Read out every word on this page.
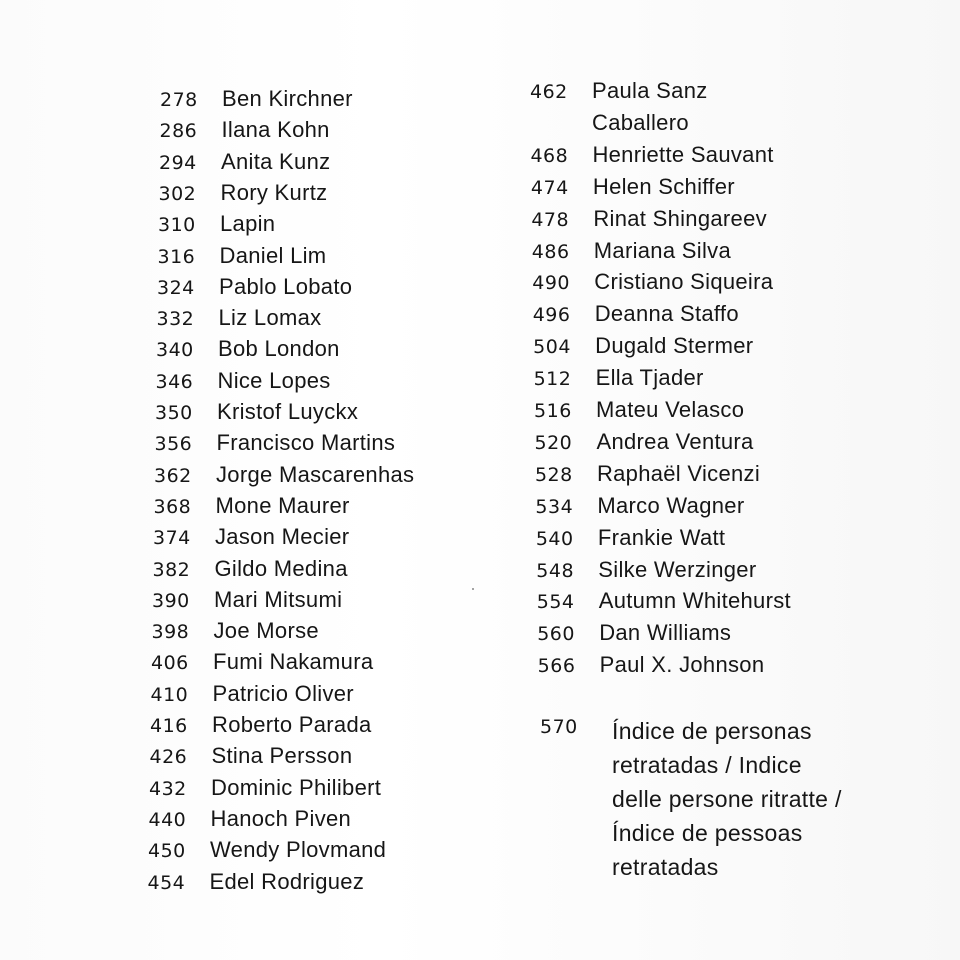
278	Ben Kirchner
286	Ilana Kohn
294	Anita Kunz
302	Rory Kurtz
310	Lapin
316	Daniel Lim
324	Pablo Lobato
332	Liz Lomax
340	Bob London
346	Nice Lopes
350	Kristof Luyckx
356	Francisco Martins
362	Jorge Mascarenhas
368	Mone Maurer
374	Jason Mecier
382	Gildo Medina
390	Mari Mitsumi
398	Joe Morse
406	Fumi Nakamura
410	Patricio Oliver
416	Roberto Parada
426	Stina Persson
432	Dominic Philibert
440	Hanoch Piven
450	Wendy Plovmand
454	Edel Rodriguez
462	Paula Sanz
Caballero
468	Henriette Sauvant
474	Helen Schiffer
478	Rinat Shingareev
486	Mariana Silva
490	Cristiano Siqueira
496	Deanna Staffo
504	Dugald Stermer
512	Ella Tjader
516	Mateu Velasco
520	Andrea Ventura
528	Raphaël Vicenzi
534	Marco Wagner
540	Frankie Watt
548	Silke Werzinger
554	Autumn Whitehurst
560	Dan Williams
566	Paul X. Johnson
570	Índice de personas
retratadas / Indice
delle persone ritratte /
Índice de pessoas
retratadas
